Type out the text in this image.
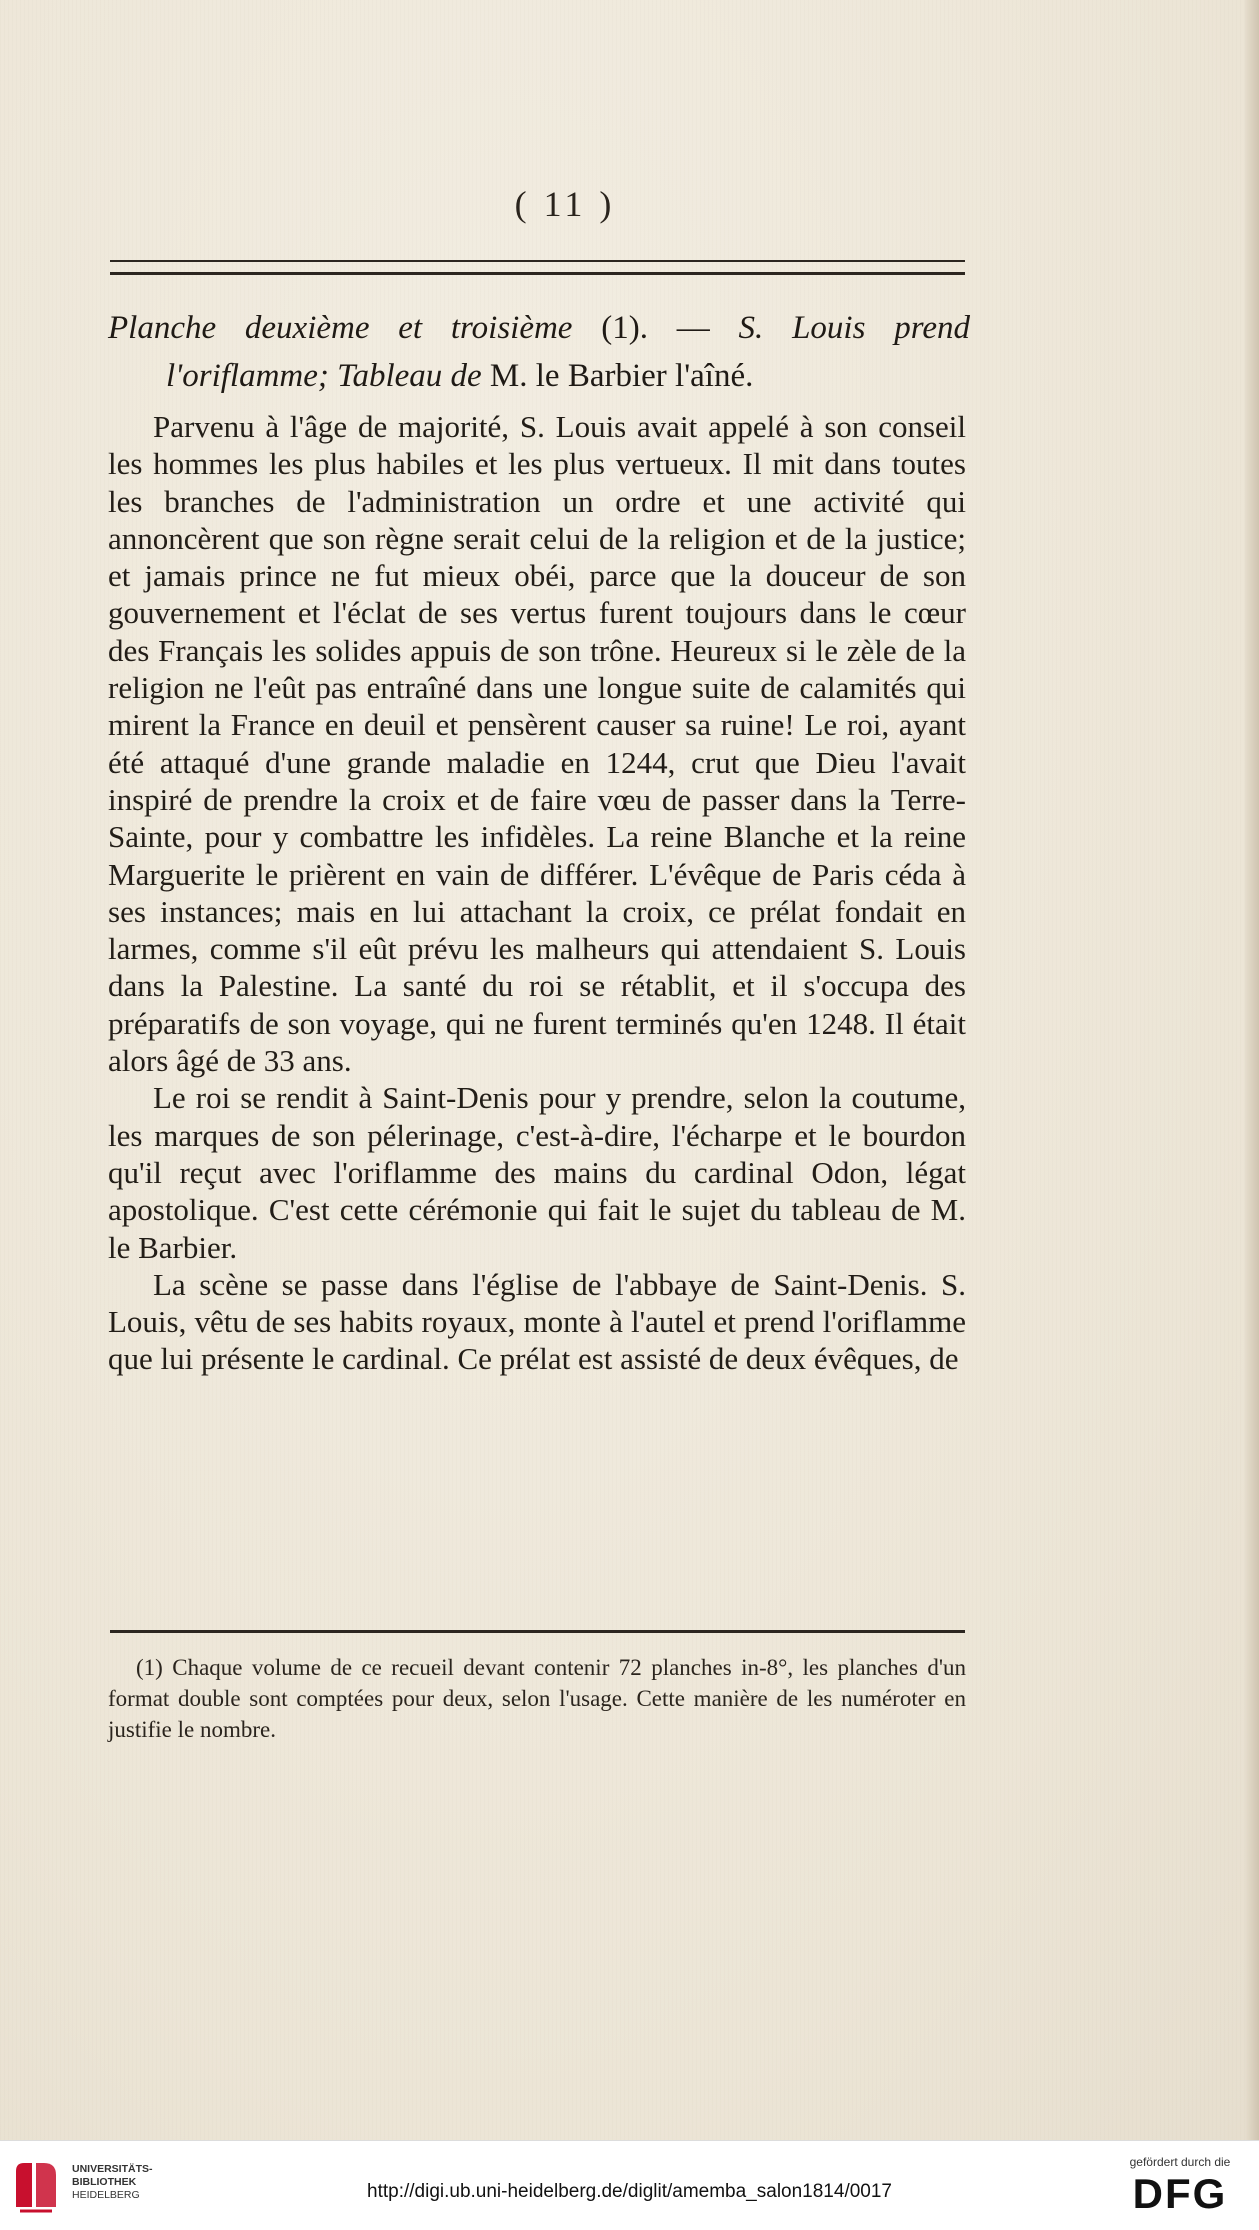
( 11 )
Planche deuxième et troisième (1). — S. Louis prend
l'oriflamme; Tableau de M. le Barbier l'aîné.

Parvenu à l'âge de majorité, S. Louis avait appelé à son conseil les hommes les plus habiles et les plus vertueux. Il mit dans toutes les branches de l'administration un ordre et une activité qui annoncèrent que son règne serait celui de la religion et de la justice; et jamais prince ne fut mieux obéi, parce que la douceur de son gouvernement et l'éclat de ses vertus furent toujours dans le cœur des Français les solides appuis de son trône. Heureux si le zèle de la religion ne l'eût pas entraîné dans une longue suite de calamités qui mirent la France en deuil et pensèrent causer sa ruine! Le roi, ayant été attaqué d'une grande maladie en 1244, crut que Dieu l'avait inspiré de prendre la croix et de faire vœu de passer dans la Terre-Sainte, pour y combattre les infidèles. La reine Blanche et la reine Marguerite le prièrent en vain de différer. L'évêque de Paris céda à ses instances; mais en lui attachant la croix, ce prélat fondait en larmes, comme s'il eût prévu les malheurs qui attendaient S. Louis dans la Palestine. La santé du roi se rétablit, et il s'occupa des préparatifs de son voyage, qui ne furent terminés qu'en 1248. Il était alors âgé de 33 ans.

Le roi se rendit à Saint-Denis pour y prendre, selon la coutume, les marques de son pélerinage, c'est-à-dire, l'écharpe et le bourdon qu'il reçut avec l'oriflamme des mains du cardinal Odon, légat apostolique. C'est cette cérémonie qui fait le sujet du tableau de M. le Barbier.

La scène se passe dans l'église de l'abbaye de Saint-Denis. S. Louis, vêtu de ses habits royaux, monte à l'autel et prend l'oriflamme que lui présente le cardinal. Ce prélat est assisté de deux évêques, de

(1) Chaque volume de ce recueil devant contenir 72 planches in-8°, les planches d'un format double sont comptées pour deux, selon l'usage. Cette manière de les numéroter en justifie le nombre.

UNIVERSITÄTS-
BIBLIOTHEK
HEIDELBERG	http://digi.ub.uni-heidelberg.de/diglit/amemba_salon1814/0017
gefördert durch die
DFG
